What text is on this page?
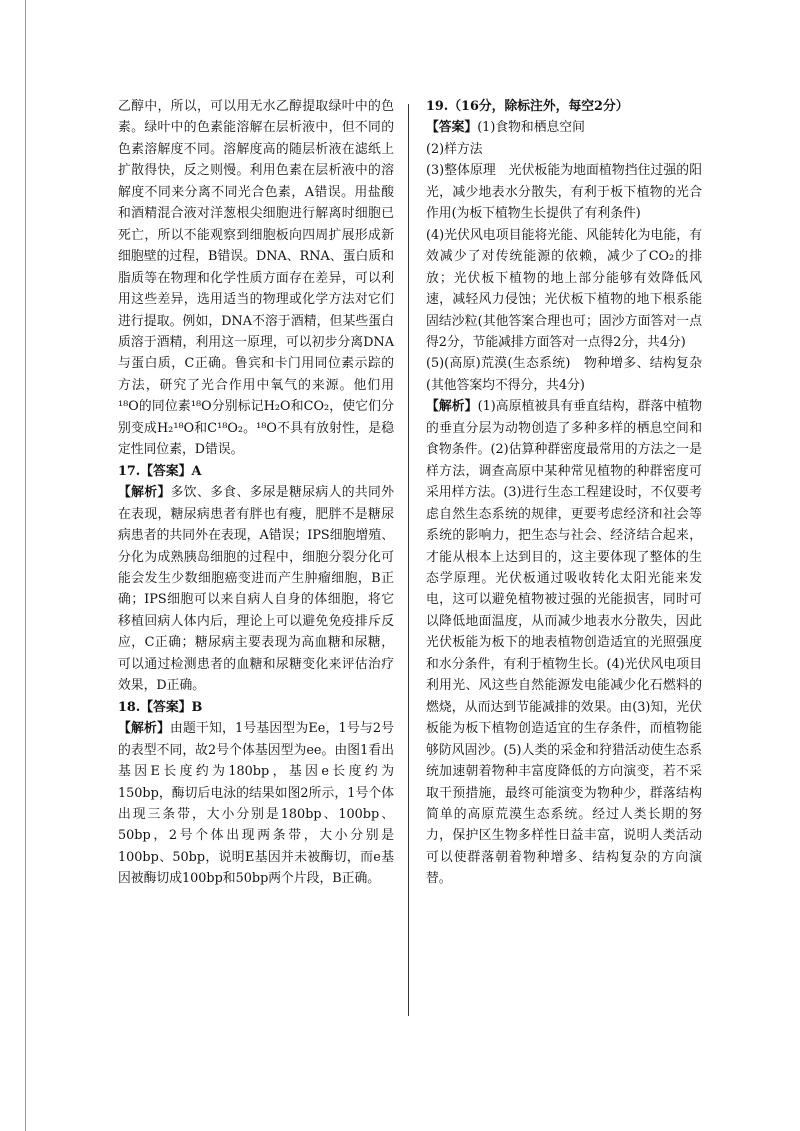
乙醇中，所以，可以用无水乙醇提取绿叶中的色素。绿叶中的色素能溶解在层析液中，但不同的色素溶解度不同。溶解度高的随层析液在滤纸上扩散得快，反之则慢。利用色素在层析液中的溶解度不同来分离不同光合色素，A错误。用盐酸和酒精混合液对洋葱根尖细胞进行解离时细胞已死亡，所以不能观察到细胞板向四周扩展形成新细胞壁的过程，B错误。DNA、RNA、蛋白质和脂质等在物理和化学性质方面存在差异，可以利用这些差异，选用适当的物理或化学方法对它们进行提取。例如，DNA不溶于酒精，但某些蛋白质溶于酒精，利用这一原理，可以初步分离DNA与蛋白质，C正确。鲁宾和卡门用同位素示踪的方法，研究了光合作用中氧气的来源。他们用¹⁸O的同位素¹⁸O分别标记H₂O和CO₂，使它们分别变成H₂¹⁸O和C¹⁸O₂。¹⁸O不具有放射性，是稳定性同位素，D错误。

17.【答案】A

【解析】多饮、多食、多尿是糖尿病人的共同外在表现，糖尿病患者有胖也有瘦，肥胖不是糖尿病患者的共同外在表现，A错误；IPS细胞增殖、分化为成熟胰岛细胞的过程中，细胞分裂分化可能会发生少数细胞癌变进而产生肿瘤细胞，B正确；IPS细胞可以来自病人自身的体细胞，将它移植回病人体内后，理论上可以避免免疫排斥反应，C正确；糖尿病主要表现为高血糖和尿糖，可以通过检测患者的血糖和尿糖变化来评估治疗效果，D正确。

18.【答案】B

【解析】由题干知，1号基因型为Ee，1号与2号的表型不同，故2号个体基因型为ee。由图1看出基因E长度约为180bp，基因e长度约为150bp，酶切后电泳的结果如图2所示，1号个体出现三条带，大小分别是180bp、100bp、50bp，2号个体出现两条带，大小分别是100bp、50bp，说明E基因并未被酶切，而e基因被酶切成100bp和50bp两个片段，B正确。

19.（16分，除标注外，每空2分）

【答案】(1)食物和栖息空间

(2)样方法

(3)整体原理　光伏板能为地面植物挡住过强的阳光，减少地表水分散失，有利于板下植物的光合作用(为板下植物生长提供了有利条件)

(4)光伏风电项目能将光能、风能转化为电能，有效减少了对传统能源的依赖，减少了CO₂的排放；光伏板下植物的地上部分能够有效降低风速，减轻风力侵蚀；光伏板下植物的地下根系能固结沙粒(其他答案合理也可；固沙方面答对一点得2分，节能减排方面答对一点得2分，共4分)

(5)(高原)荒漠(生态系统)　物种增多、结构复杂(其他答案均不得分，共4分)

【解析】(1)高原植被具有垂直结构，群落中植物的垂直分层为动物创造了多种多样的栖息空间和食物条件。(2)估算种群密度最常用的方法之一是样方法，调查高原中某种常见植物的种群密度可采用样方法。(3)进行生态工程建设时，不仅要考虑自然生态系统的规律，更要考虑经济和社会等系统的影响力，把生态与社会、经济结合起来，才能从根本上达到目的，这主要体现了整体的生态学原理。光伏板通过吸收转化太阳光能来发电，这可以避免植物被过强的光能损害，同时可以降低地面温度，从而减少地表水分散失，因此光伏板能为板下的地表植物创造适宜的光照强度和水分条件，有利于植物生长。(4)光伏风电项目利用光、风这些自然能源发电能减少化石燃料的燃烧，从而达到节能减排的效果。由(3)知，光伏板能为板下植物创造适宜的生存条件，而植物能够防风固沙。(5)人类的采金和狩猎活动使生态系统加速朝着物种丰富度降低的方向演变，若不采取干预措施，最终可能演变为物种少，群落结构简单的高原荒漠生态系统。经过人类长期的努力，保护区生物多样性日益丰富，说明人类活动可以使群落朝着物种增多、结构复杂的方向演替。
